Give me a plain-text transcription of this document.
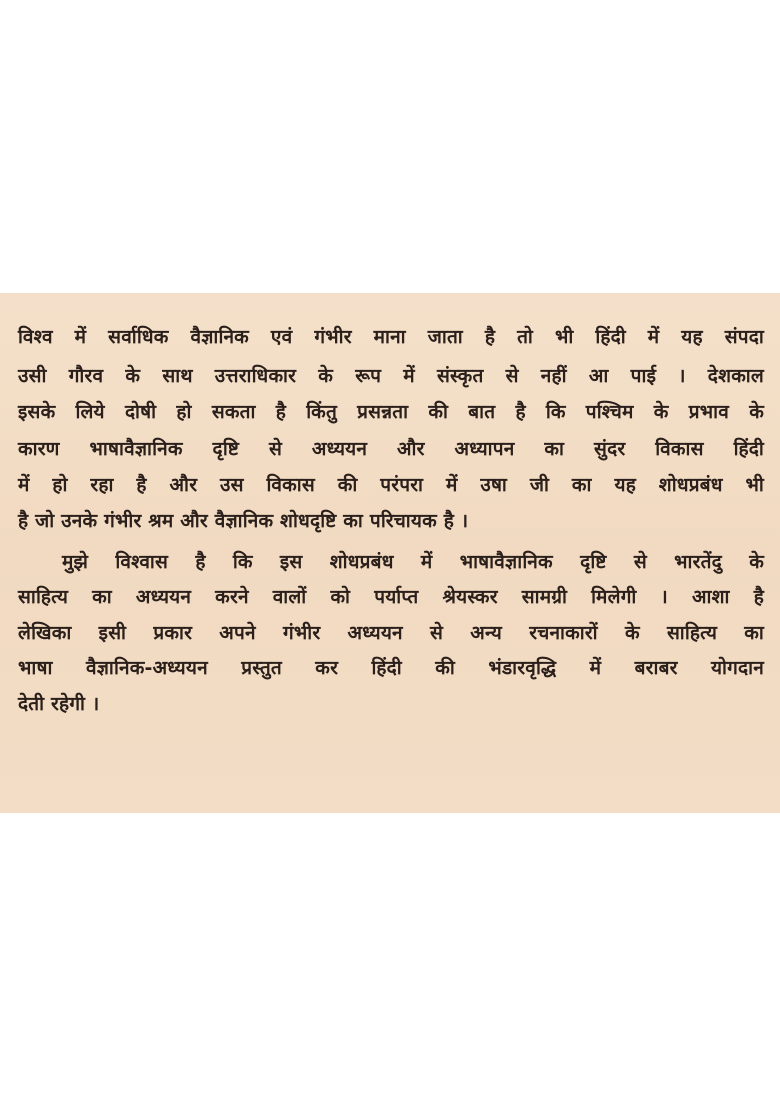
विश्व में सर्वाधिक वैज्ञानिक एवं गंभीर माना जाता है तो भी हिंदी में यह संपदा
उसी गौरव के साथ उत्तराधिकार के रूप में संस्कृत से नहीं आ पाई । देशकाल
इसके लिये दोषी हो सकता है किंतु प्रसन्नता की बात है कि पश्चिम के प्रभाव के
कारण भाषावैज्ञानिक दृष्टि से अध्ययन और अध्यापन का सुंदर विकास हिंदी
में हो रहा है और उस विकास की परंपरा में उषा जी का यह शोधप्रबंध भी
है जो उनके गंभीर श्रम और वैज्ञानिक शोधदृष्टि का परिचायक है ।
मुझे विश्वास है कि इस शोधप्रबंध में भाषावैज्ञानिक दृष्टि से भारतेंदु के
साहित्य का अध्ययन करने वालों को पर्याप्त श्रेयस्कर सामग्री मिलेगी । आशा है
लेखिका इसी प्रकार अपने गंभीर अध्ययन से अन्य रचनाकारों के साहित्य का
भाषा वैज्ञानिक-अध्ययन प्रस्तुत कर हिंदी की भंडारवृद्धि में बराबर योगदान
देती रहेगी ।
